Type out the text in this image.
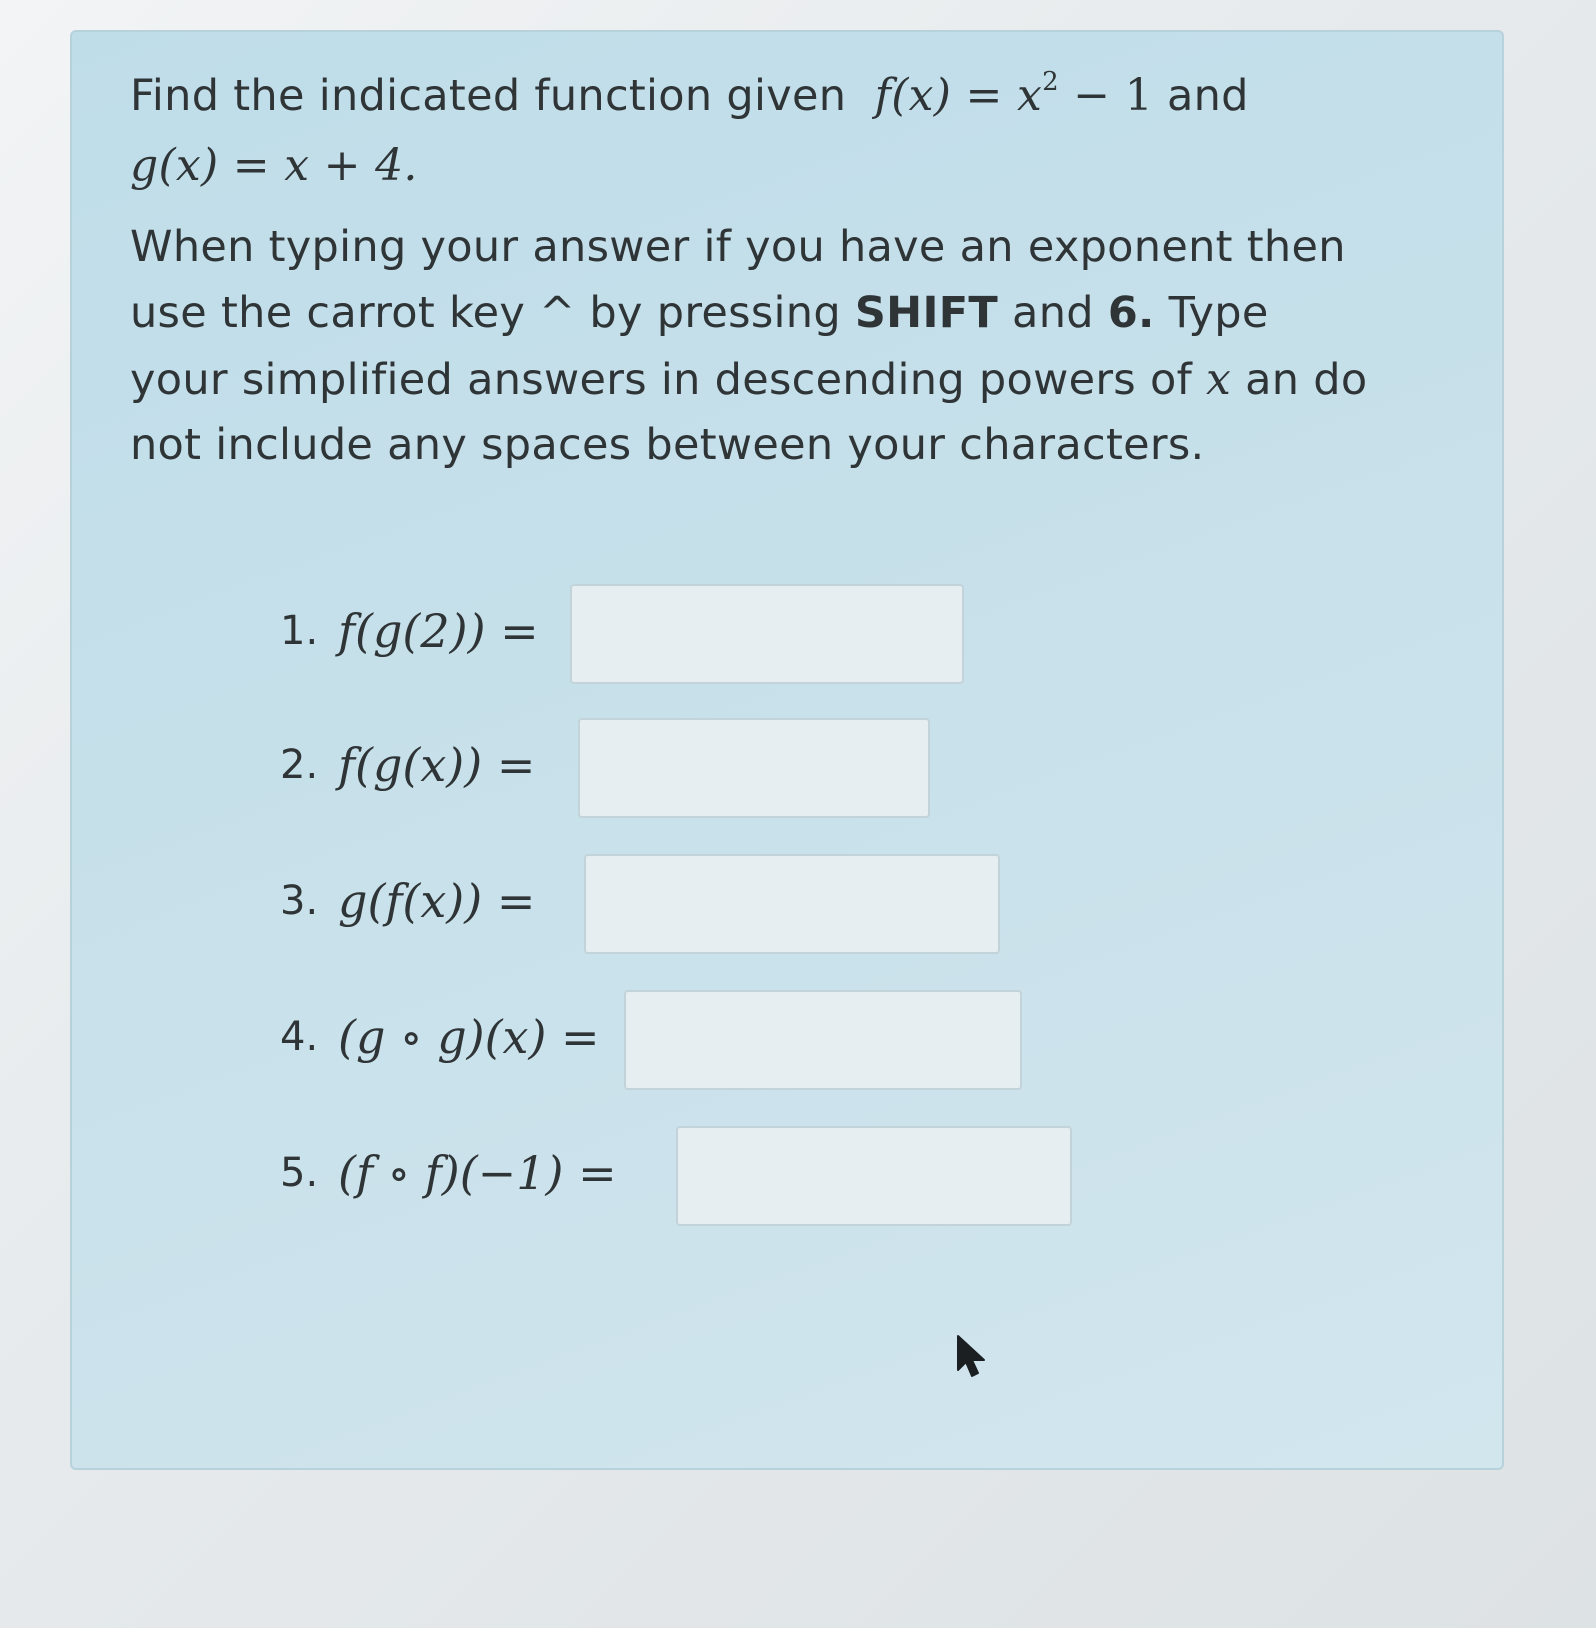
Find the indicated function given $f(x) = x^2 - 1$ and
g(x) = x + 4.
When typing your answer if you have an exponent then
use the carrot key ^ by pressing SHIFT and 6. Type
your simplified answers in descending powers of x an do
not include any spaces between your characters.
1. f(g(2)) =
2. f(g(x)) =
3. g(f(x)) =
4. (g ∘ g)(x) =
5. (f ∘ f)(−1) =
